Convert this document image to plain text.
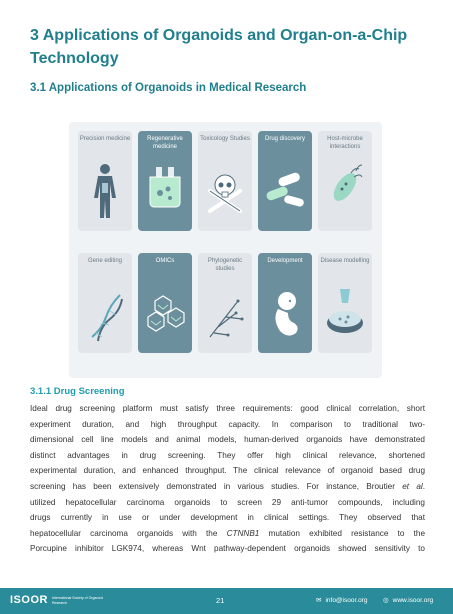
3 Applications of Organoids and Organ-on-a-Chip Technology
3.1 Applications of Organoids in Medical Research
Precision medicine	Regenerative medicine
Toxicology Studies	Drug discovery	Host-microbe interactions
Gene editing	OMICs	Phylogenetic studies
Development	Disease modelling
3.1.1 Drug Screening
Ideal drug screening platform must satisfy three requirements: good clinical correlation, short
experiment duration, and high throughput capacity. In comparison to traditional two-
dimensional cell line models and animal models, human-derived organoids have demonstrated
distinct advantages in drug screening. They offer high clinical relevance, shortened
experimental duration, and enhanced throughput. The clinical relevance of organoid based drug
screening has been extensively demonstrated in various studies. For instance, Broutier et al.
utilized hepatocellular carcinoma organoids to screen 29 anti-tumor compounds, including
drugs currently in use or under development in clinical settings. They observed that
hepatocellular carcinoma organoids with the CTNNB1 mutation exhibited resistance to the
Porcupine inhibitor LGK974, whereas Wnt pathway-dependent organoids showed sensitivity to
ISOOR International Society of Organoid Research	21	✉ info@isoor.org ◎ www.isoor.org
